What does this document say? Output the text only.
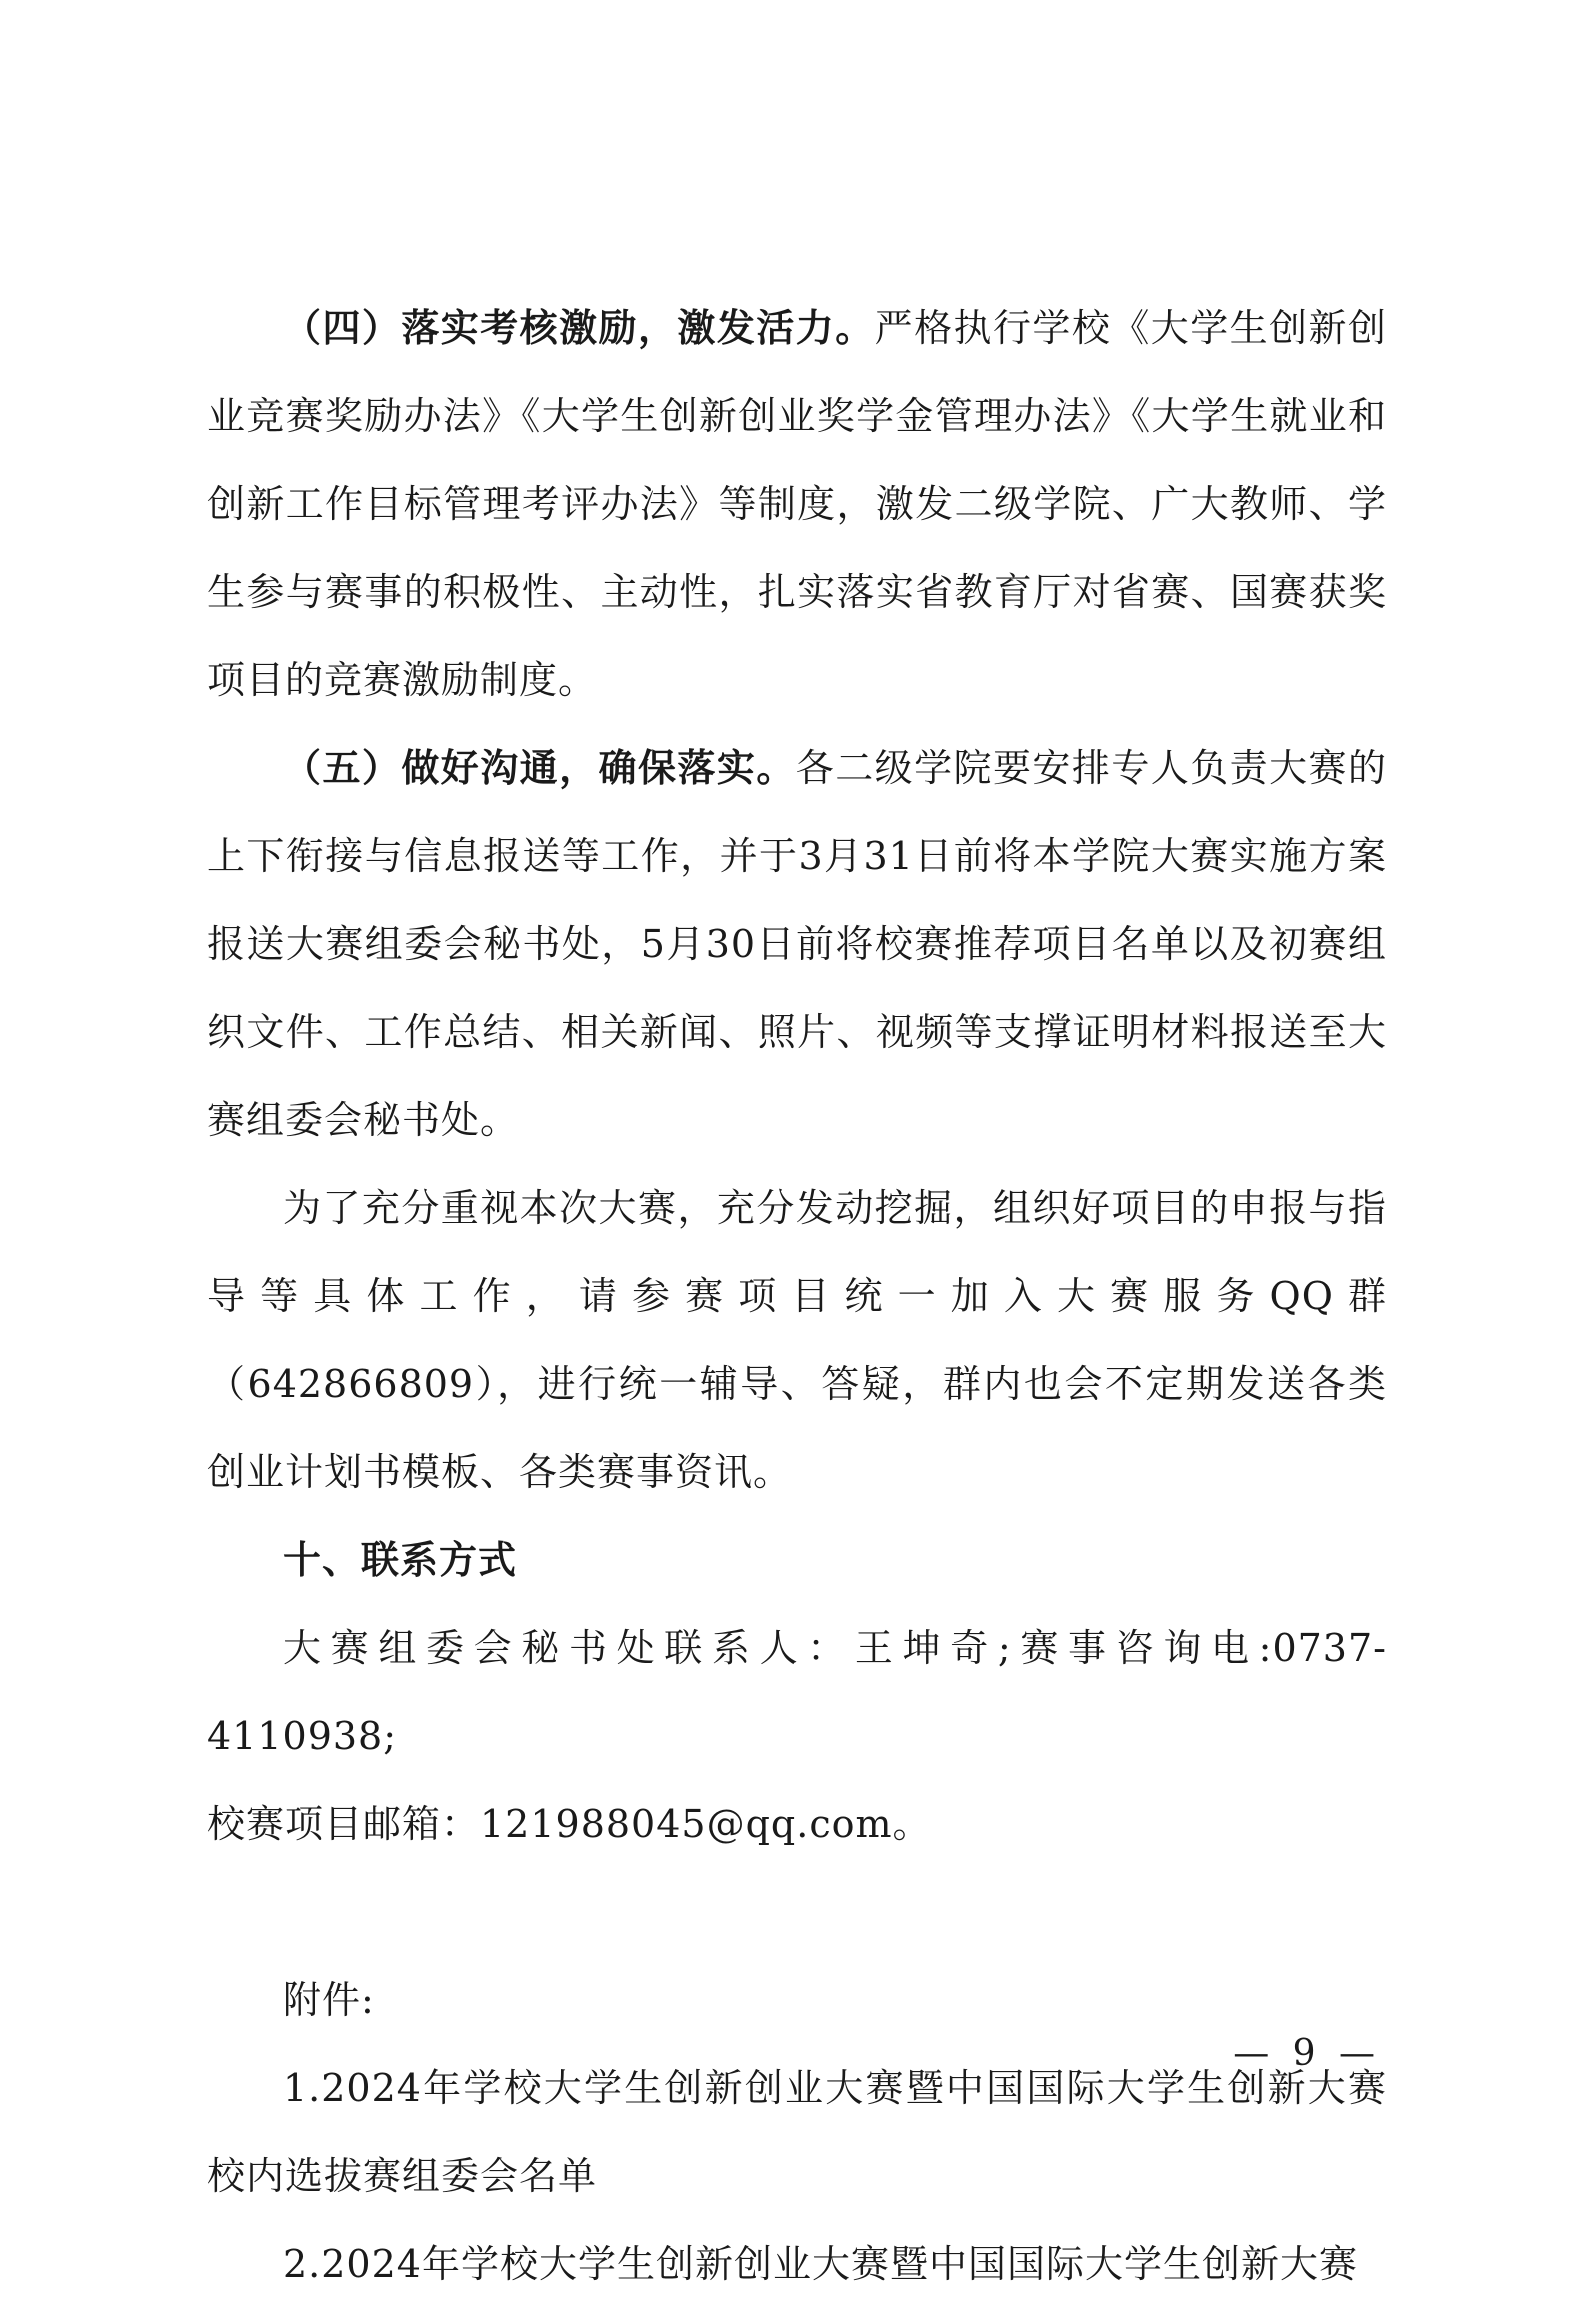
（四）落实考核激励，激发活力。严格执行学校《大学生创新创业竞赛奖励办法》《大学生创新创业奖学金管理办法》《大学生就业和创新工作目标管理考评办法》等制度，激发二级学院、广大教师、学生参与赛事的积极性、主动性，扎实落实省教育厅对省赛、国赛获奖项目的竞赛激励制度。

（五）做好沟通，确保落实。各二级学院要安排专人负责大赛的上下衔接与信息报送等工作，并于3月31日前将本学院大赛实施方案报送大赛组委会秘书处，5月30日前将校赛推荐项目名单以及初赛组织文件、工作总结、相关新闻、照片、视频等支撑证明材料报送至大赛组委会秘书处。

为了充分重视本次大赛，充分发动挖掘，组织好项目的申报与指导等具体工作，请参赛项目统一加入大赛服务QQ群（642866809），进行统一辅导、答疑，群内也会不定期发送各类创业计划书模板、各类赛事资讯。

十、联系方式

大赛组委会秘书处联系人：王坤奇;赛事咨询电:0737-4110938;

校赛项目邮箱：121988045@qq.com。

附件:

1.2024年学校大学生创新创业大赛暨中国国际大学生创新大赛校内选拔赛组委会名单

2.2024年学校大学生创新创业大赛暨中国国际大学生创新大赛

— 9 —
